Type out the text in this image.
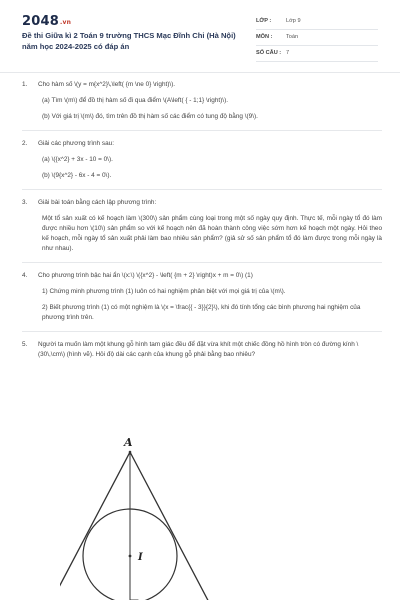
2048.vn
Đề thi Giữa kì 2 Toán 9 trường THCS Mạc Đĩnh Chi (Hà Nội) năm học 2024-2025 có đáp án
LỚP :	Lớp 9
MÔN : Toán
SỐ CÂU : 7
1. Cho hàm số \(y = m{x^2}\,\left( {m \ne 0} \right)\).
(a) Tìm \(m\) để đồ thị hàm số đi qua điểm \(A\left( { - 1;1} \right)\).
(b) Với giá trị \(m\) đó, tìm trên đồ thị hàm số các điểm có tung độ bằng \(9\).
2. Giải các phương trình sau:
(a) \({x^2} + 3x - 10 = 0\).
(b) \(9{x^2} - 6x - 4 = 0\).
3. Giải bài toán bằng cách lập phương trình:
Một tổ sản xuất có kế hoạch làm \(300\) sản phẩm cùng loại trong một số ngày quy định. Thực tế, mỗi ngày tổ đó làm được nhiều hơn \(10\) sản phẩm so với kế hoạch nên đã hoàn thành công việc sớm hơn kế hoạch một ngày. Hỏi theo kế hoạch, mỗi ngày tổ sản xuất phải làm bao nhiêu sản phẩm? (giả sử số sản phẩm tổ đó làm được trong mỗi ngày là như nhau).
4. Cho phương trình bậc hai ẩn \(x:\) \({x^2} - \left( {m + 2} \right)x + m = 0\) (1)
1) Chứng minh phương trình (1) luôn có hai nghiệm phân biệt với mọi giá trị của \(m\).
2) Biết phương trình (1) có một nghiệm là \(x = \frac{{ - 3}}{2}\), khi đó tính tổng các bình phương hai nghiệm của phương trình trên.
5. Người ta muốn làm một khung gỗ hình tam giác đều để đặt vừa khít một chiếc đồng hồ hình tròn có đường kính \(30\,\cm\) (hình vẽ). Hỏi độ dài các cạnh của khung gỗ phải bằng bao nhiêu?
A
I
